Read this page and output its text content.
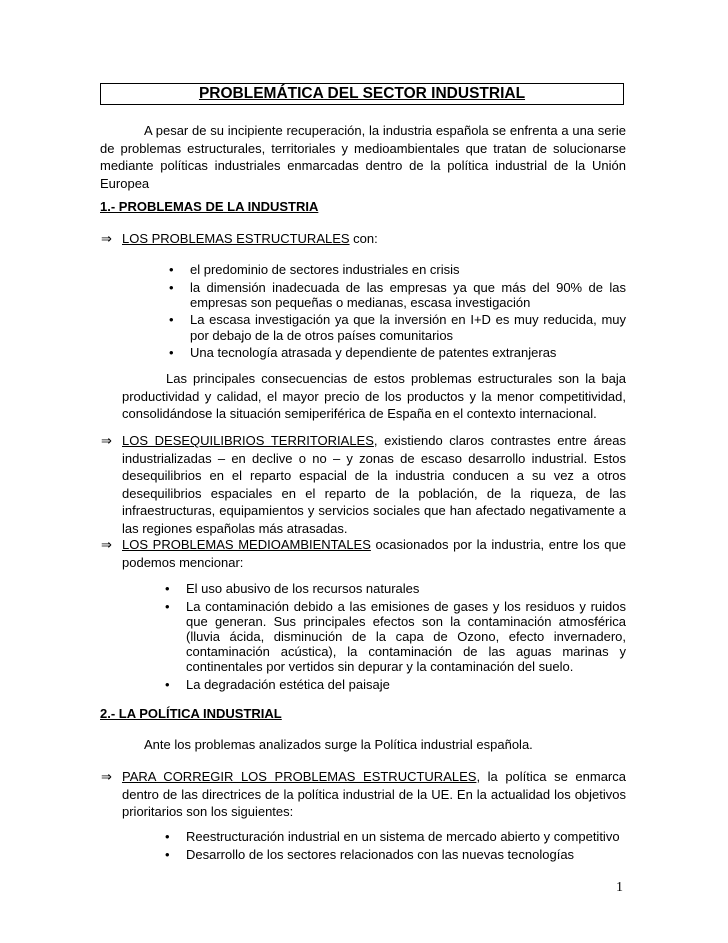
PROBLEMÁTICA DEL SECTOR INDUSTRIAL
A pesar de su incipiente recuperación, la industria española se enfrenta a una serie de problemas estructurales, territoriales y medioambientales que tratan de solucionarse mediante políticas industriales enmarcadas dentro de la política industrial de la Unión Europea
1.- PROBLEMAS DE LA INDUSTRIA
⇒ LOS PROBLEMAS ESTRUCTURALES con:
• el predominio de sectores industriales en crisis
• la dimensión inadecuada de las empresas ya que más del 90% de las empresas son pequeñas o medianas, escasa investigación
• La escasa investigación ya que la inversión en I+D es muy reducida, muy por debajo de la de otros países comunitarios
• Una tecnología atrasada y dependiente de patentes extranjeras
Las principales consecuencias de estos problemas estructurales son la baja productividad y calidad, el mayor precio de los productos y la menor competitividad, consolidándose la situación semiperiférica de España en el contexto internacional.
⇒ LOS DESEQUILIBRIOS TERRITORIALES, existiendo claros contrastes entre áreas industrializadas – en declive o no – y zonas de escaso desarrollo industrial. Estos desequilibrios en el reparto espacial de la industria conducen a su vez a otros desequilibrios espaciales en el reparto de la población, de la riqueza, de las infraestructuras, equipamientos y servicios sociales que han afectado negativamente a las regiones españolas más atrasadas.
⇒ LOS PROBLEMAS MEDIOAMBIENTALES ocasionados por la industria, entre los que podemos mencionar:
• El uso abusivo de los recursos naturales
• La contaminación debido a las emisiones de gases y los residuos y ruidos que generan. Sus principales efectos son la contaminación atmosférica (lluvia ácida, disminución de la capa de Ozono, efecto invernadero, contaminación acústica), la contaminación de las aguas marinas y continentales por vertidos sin depurar y la contaminación del suelo.
• La degradación estética del paisaje
2.- LA POLÍTICA INDUSTRIAL
Ante los problemas analizados surge la Política industrial española.
⇒ PARA CORREGIR LOS PROBLEMAS ESTRUCTURALES, la política se enmarca dentro de las directrices de la política industrial de la UE. En la actualidad los objetivos prioritarios son los siguientes:
• Reestructuración industrial en un sistema de mercado abierto y competitivo
• Desarrollo de los sectores relacionados con las nuevas tecnologías
1
